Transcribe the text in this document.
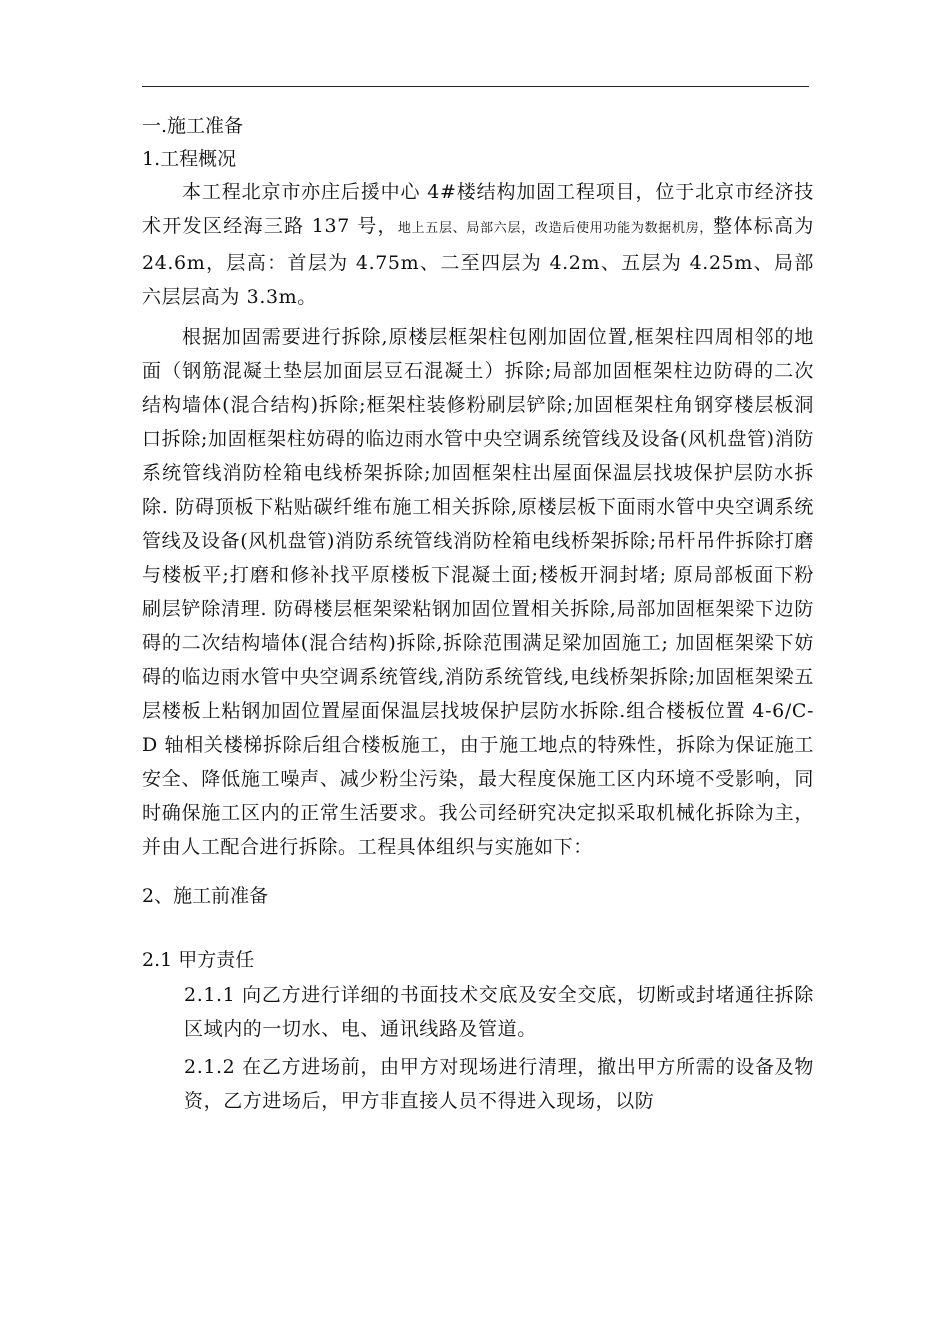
一.施工准备

1.工程概况

本工程北京市亦庄后援中心 4#楼结构加固工程项目，位于北京市经济技术开发区经海三路 137 号，地上五层、局部六层，改造后使用功能为数据机房，整体标高为 24.6m，层高：首层为 4.75m、二至四层为 4.2m、五层为 4.25m、局部六层层高为 3.3m。

根据加固需要进行拆除,原楼层框架柱包刚加固位置,框架柱四周相邻的地面（钢筋混凝土垫层加面层豆石混凝土）拆除;局部加固框架柱边防碍的二次结构墙体(混合结构)拆除;框架柱装修粉刷层铲除;加固框架柱角钢穿楼层板洞口拆除;加固框架柱妨碍的临边雨水管中央空调系统管线及设备(风机盘管)消防系统管线消防栓箱电线桥架拆除;加固框架柱出屋面保温层找坡保护层防水拆除. 防碍顶板下粘贴碳纤维布施工相关拆除,原楼层板下面雨水管中央空调系统管线及设备(风机盘管)消防系统管线消防栓箱电线桥架拆除;吊杆吊件拆除打磨与楼板平;打磨和修补找平原楼板下混凝土面;楼板开洞封堵; 原局部板面下粉刷层铲除清理. 防碍楼层框架梁粘钢加固位置相关拆除,局部加固框架梁下边防碍的二次结构墙体(混合结构)拆除,拆除范围满足梁加固施工; 加固框架梁下妨碍的临边雨水管中央空调系统管线,消防系统管线,电线桥架拆除;加固框架梁五层楼板上粘钢加固位置屋面保温层找坡保护层防水拆除.组合楼板位置 4-6/C-D 轴相关楼梯拆除后组合楼板施工，由于施工地点的特殊性，拆除为保证施工安全、降低施工噪声、减少粉尘污染，最大程度保施工区内环境不受影响，同时确保施工区内的正常生活要求。我公司经研究决定拟采取机械化拆除为主，并由人工配合进行拆除。工程具体组织与实施如下：

2、施工前准备

2.1 甲方责任

2.1.1 向乙方进行详细的书面技术交底及安全交底，切断或封堵通往拆除区域内的一切水、电、通讯线路及管道。

2.1.2 在乙方进场前，由甲方对现场进行清理，撤出甲方所需的设备及物资，乙方进场后，甲方非直接人员不得进入现场，以防
